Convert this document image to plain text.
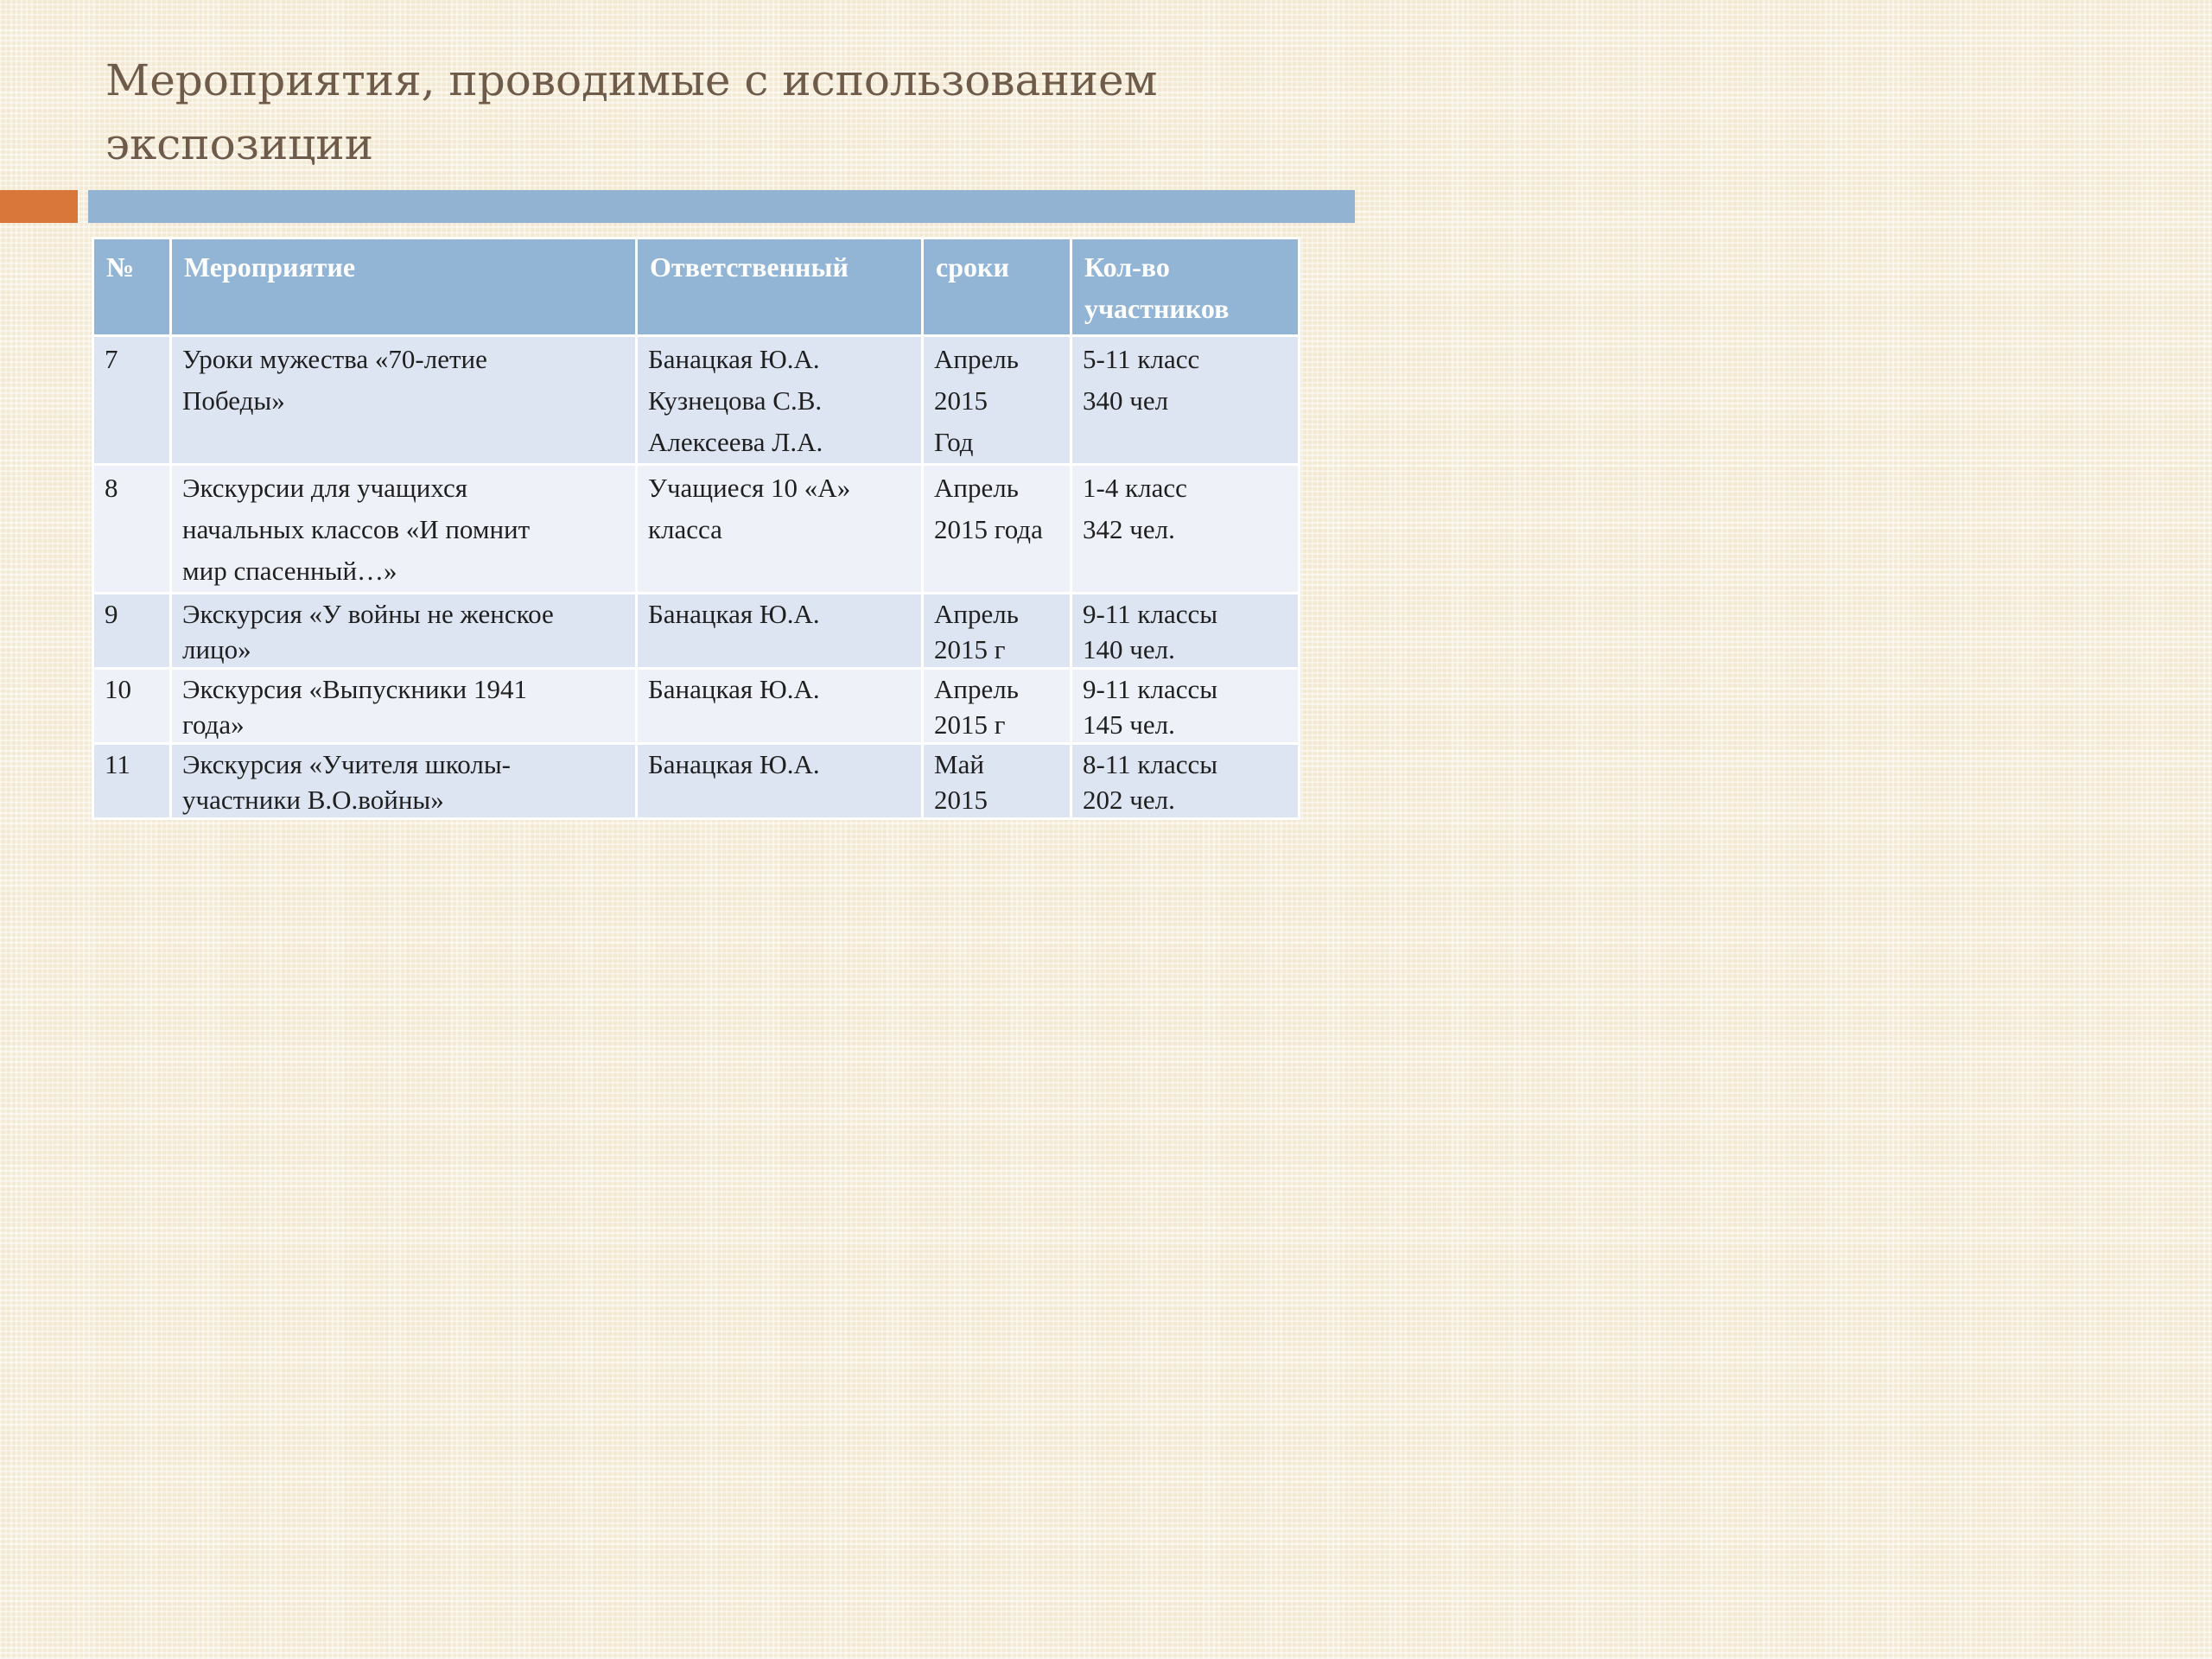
Мероприятия, проводимые с использованием
экспозиции
№	Мероприятие	Ответственный	сроки	Кол-во
участников

7	Уроки мужества «70-летие
Победы»	Банацкая Ю.А.
Кузнецова С.В.
Алексеева Л.А.	Апрель
2015
Год	5-11 класс
340 чел

8	Экскурсии для учащихся
начальных классов «И помнит
мир спасенный…»	Учащиеся 10 «А»
класса	Апрель
2015 года	1-4 класс
342 чел.

9	Экскурсия «У войны не женское
лицо»	Банацкая Ю.А.	Апрель
2015 г	9-11 классы
140 чел.

10	Экскурсия «Выпускники 1941
года»	Банацкая Ю.А.	Апрель
2015 г	9-11 классы
145 чел.

11	Экскурсия «Учителя школы-
участники В.О.войны»	Банацкая Ю.А.	Май
2015	8-11 классы
202 чел.
